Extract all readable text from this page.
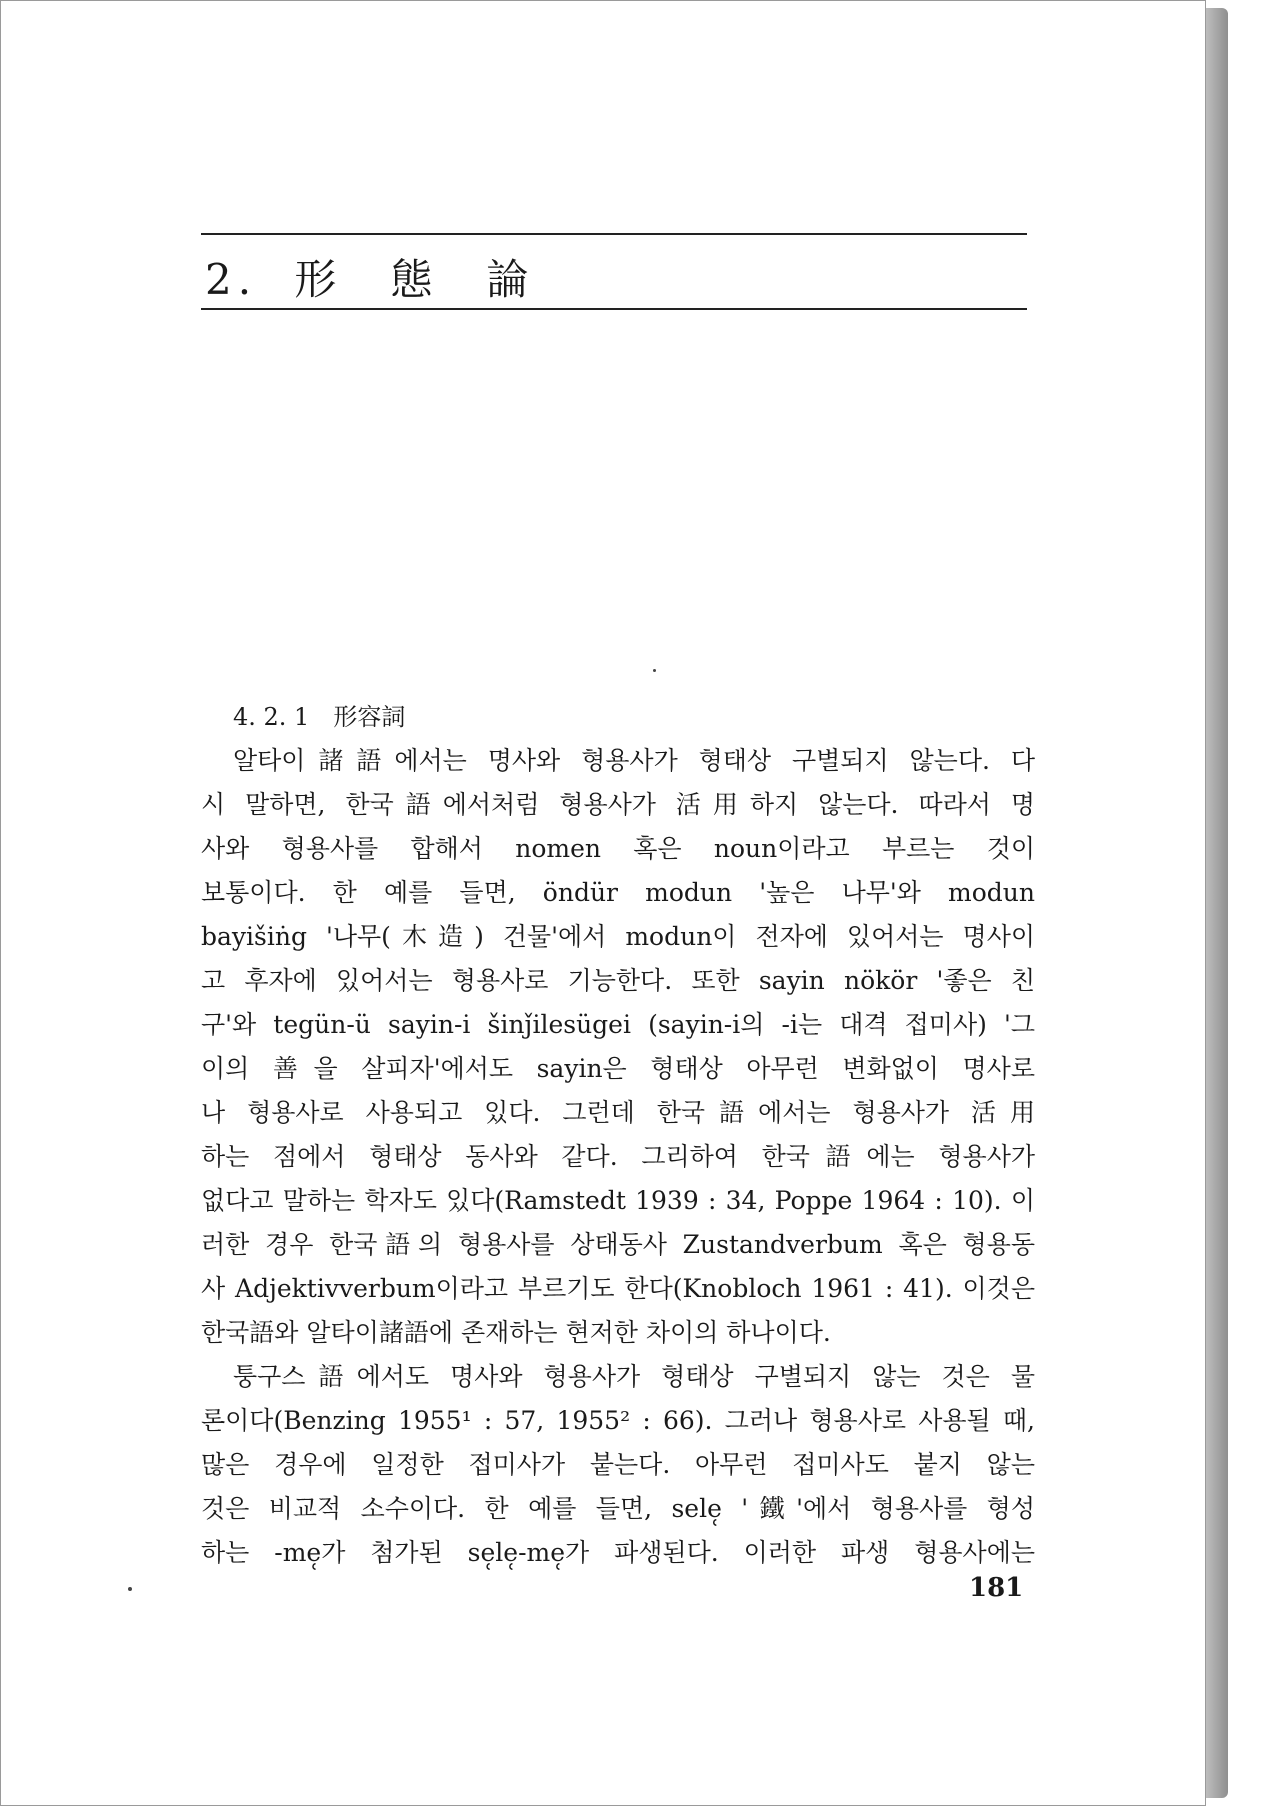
2. 形　態　論
4. 2. 1　形容詞
알타이諸語에서는 명사와 형용사가 형태상 구별되지 않는다. 다
시 말하면, 한국語에서처럼 형용사가 活用하지 않는다. 따라서 명
사와 형용사를 합해서 nomen 혹은 noun이라고 부르는 것이
보통이다. 한 예를 들면, öndür modun '높은 나무'와 modun
bayišiṅg '나무(木造) 건물'에서 modun이 전자에 있어서는 명사이
고 후자에 있어서는 형용사로 기능한다. 또한 sayin nökör '좋은 친
구'와 tegün-ü sayin-i šinǰilesügei (sayin-i의 -i는 대격 접미사) '그
이의 善을 살피자'에서도 sayin은 형태상 아무런 변화없이 명사로
나 형용사로 사용되고 있다. 그런데 한국語에서는 형용사가 活用
하는 점에서 형태상 동사와 같다. 그리하여 한국語에는 형용사가
없다고 말하는 학자도 있다(Ramstedt 1939 : 34, Poppe 1964 : 10). 이
러한 경우 한국語의 형용사를 상태동사 Zustandverbum 혹은 형용동
사 Adjektivverbum이라고 부르기도 한다(Knobloch 1961 : 41). 이것은
한국語와 알타이諸語에 존재하는 현저한 차이의 하나이다.
퉁구스語에서도 명사와 형용사가 형태상 구별되지 않는 것은 물
론이다(Benzing 1955¹ : 57, 1955² : 66). 그러나 형용사로 사용될 때,
많은 경우에 일정한 접미사가 붙는다. 아무런 접미사도 붙지 않는
것은 비교적 소수이다. 한 예를 들면, sele̜ '鐵'에서 형용사를 형성
하는 -me̜가 첨가된 se̜le̜-me̜가 파생된다. 이러한 파생 형용사에는

181
